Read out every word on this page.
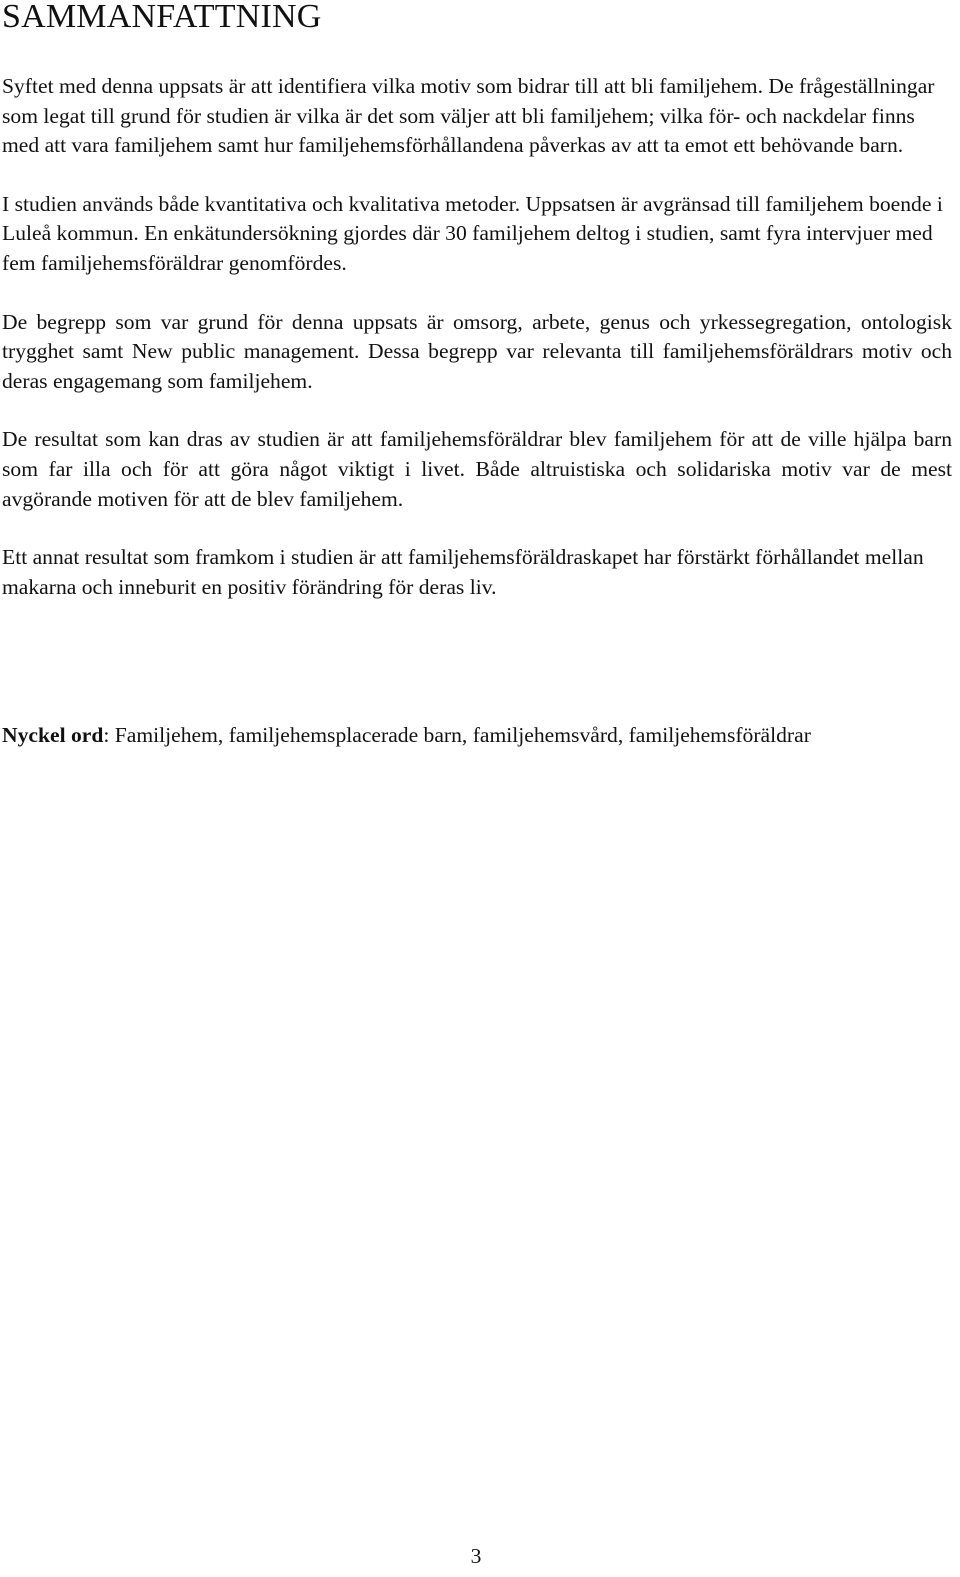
SAMMANFATTNING

Syftet med denna uppsats är att identifiera vilka motiv som bidrar till att bli familjehem. De frågeställningar som legat till grund för studien är vilka är det som väljer att bli familjehem; vilka för- och nackdelar finns med att vara familjehem samt hur familjehemsförhållandena påverkas av att ta emot ett behövande barn.

I studien används både kvantitativa och kvalitativa metoder. Uppsatsen är avgränsad till familjehem boende i Luleå kommun. En enkätundersökning gjordes där 30 familjehem deltog i studien, samt fyra intervjuer med fem familjehemsföräldrar genomfördes.

De begrepp som var grund för denna uppsats är omsorg, arbete, genus och yrkessegregation, ontologisk trygghet samt New public management. Dessa begrepp var relevanta till familjehemsföräldrars motiv och deras engagemang som familjehem.

De resultat som kan dras av studien är att familjehemsföräldrar blev familjehem för att de ville hjälpa barn som far illa och för att göra något viktigt i livet. Både altruistiska och solidariska motiv var de mest avgörande motiven för att de blev familjehem.

Ett annat resultat som framkom i studien är att familjehemsföräldraskapet har förstärkt förhållandet mellan makarna och inneburit en positiv förändring för deras liv.

Nyckel ord: Familjehem, familjehemsplacerade barn, familjehemsvård, familjehemsföräldrar

3
